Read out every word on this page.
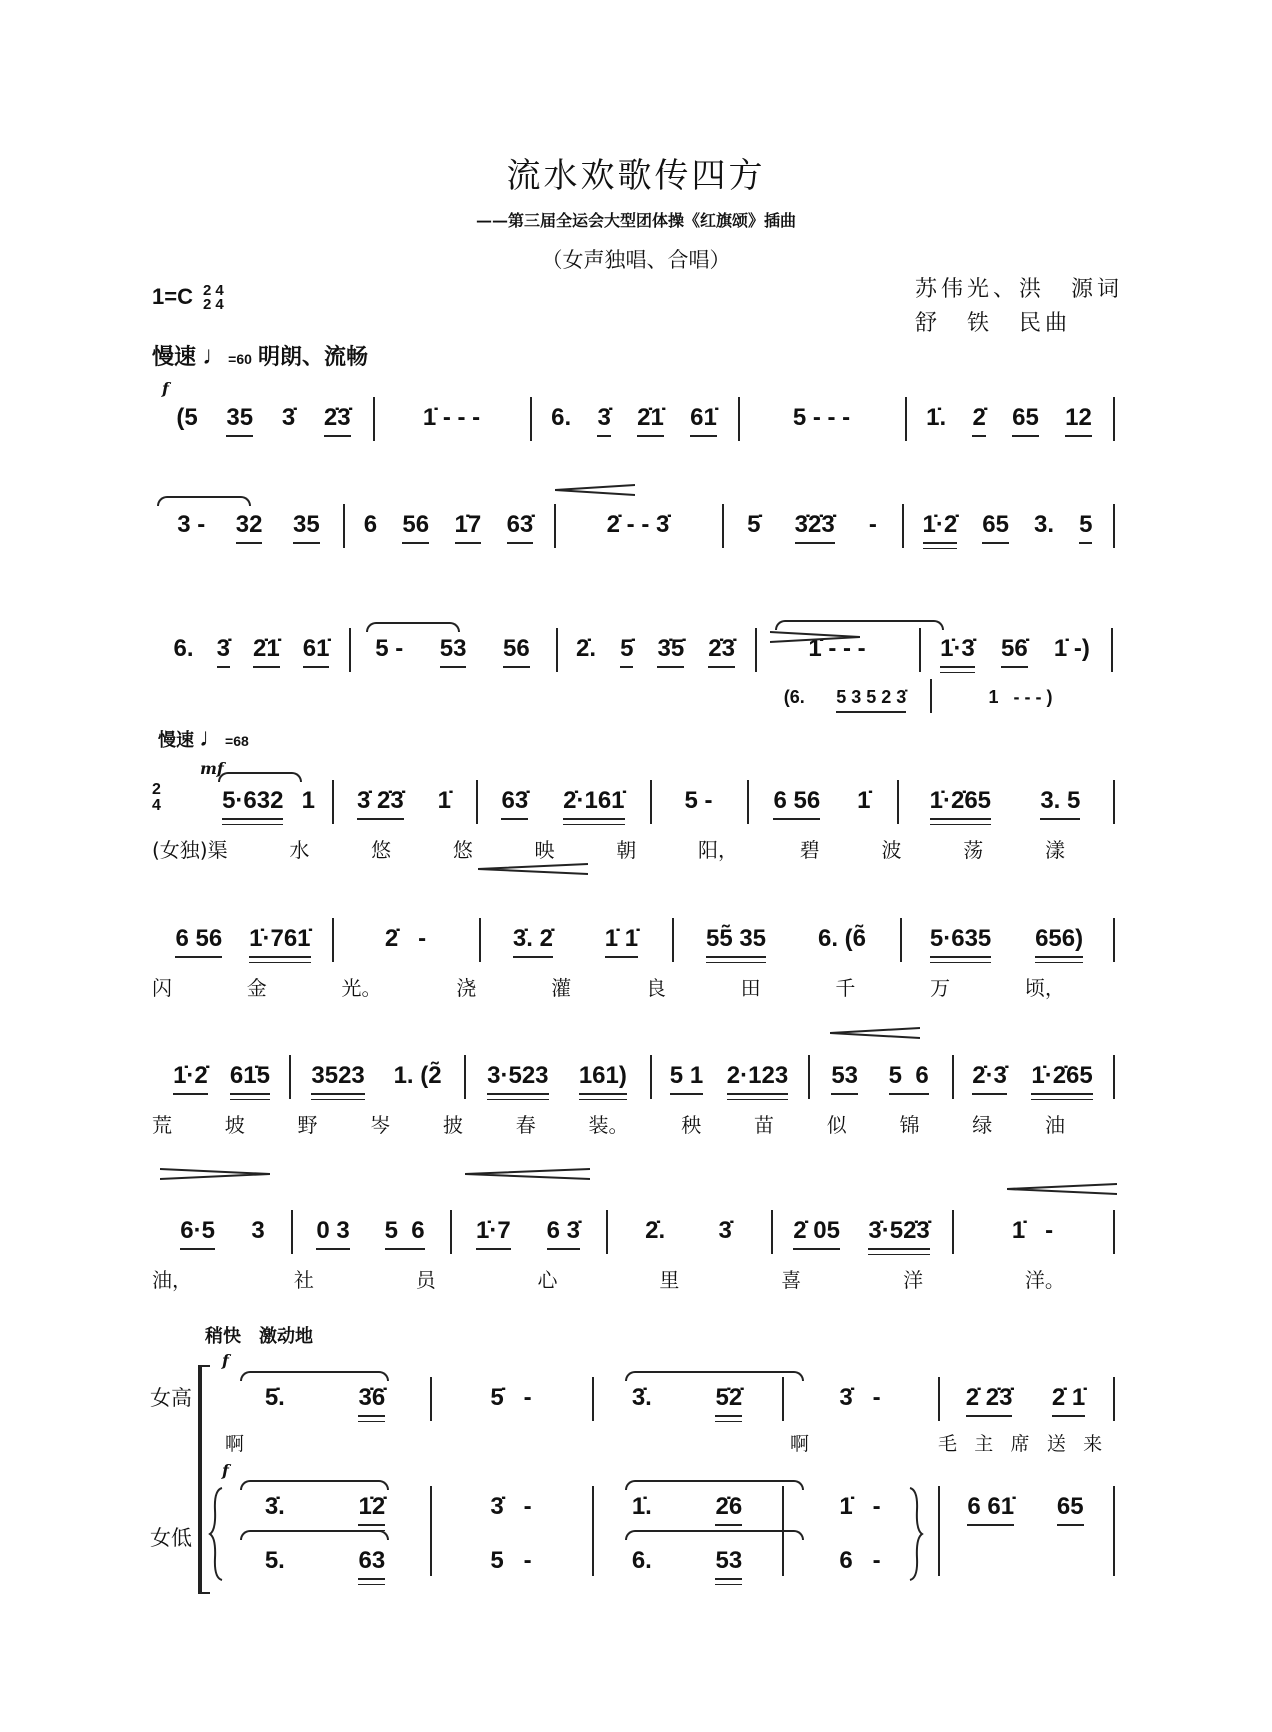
流水欢歌传四方
——第三届全运会大型团体操《红旗颂》插曲
（女声独唱、合唱）
苏伟光、洪　源词
舒　铁　民曲
1=C 2
24
4
慢速 ♩=60 明朗、流畅
慢速 ♩=68
2
4
稍快　 激动地
f
mf
f
f
女高
女低
(5 35 3̇ 2̇3̇	1̇ - - -	6. 3̇ 2̇1̇ 61̇	5 - - -	1̇. 2̇ 65 12
3 - 32 35 6 56 1̇7 63̇	2̇ - - 3̇	5̇ 3̇2̇3̇ - 1̇·2̇ 65 3. 5
6. 3̇ 2̇1̇ 61̇ 5 - 53 56 2̇. 5̇ 3̇5̇ 2̇3̇	1̇ - - -	1̇·3̇ 56̇ 1̇ -)
(6. 5 3 5 2 3̇	1   - - - )
5·632 1 3̇ 2̇3̇ 1̇ 63̇ 2̇·161̇ 5 -	6 56 1̇ 1̇·2̇65 3. 5
(女独)渠	水	悠	悠	映	朝	阳，	碧	波	荡	漾
6 56 1̇·761̇	2̇   -	3̇. 2̇ 1̇ 1̇	55̃ 35 6. (6̃	5·635 656)
闪	金	光。	浇	灌	良	田	千	万	顷，
1̇·2̇ 61̇5 3523 1. (2̃ 3·523 161) 5 1 2·123 53 5  6 2̇·3̇ 1̇·2̇65
荒	坡	野	岑	披	春	装。	秧	苗	似	锦	绿	油
6·5 3 0 3 5  6 1̇·7 6 3̇	2̇.        3̇	2̇ 05 3̇·52̇3̇	1̇   -
油，	社	员	心	里	喜	洋	洋。
5̇.	3̇6̇	5̇   -	3̇.	5̇2̇	3̇   -	2̇ 2̇3̇ 2̇ 1̇
啊	啊	毛 主 席 送 来
3̇.	1̇2̇	3̇   -	1̇.	2̇6	1̇   -	6 61̇ 65
5.	63	5   -	6.	53	6   -
